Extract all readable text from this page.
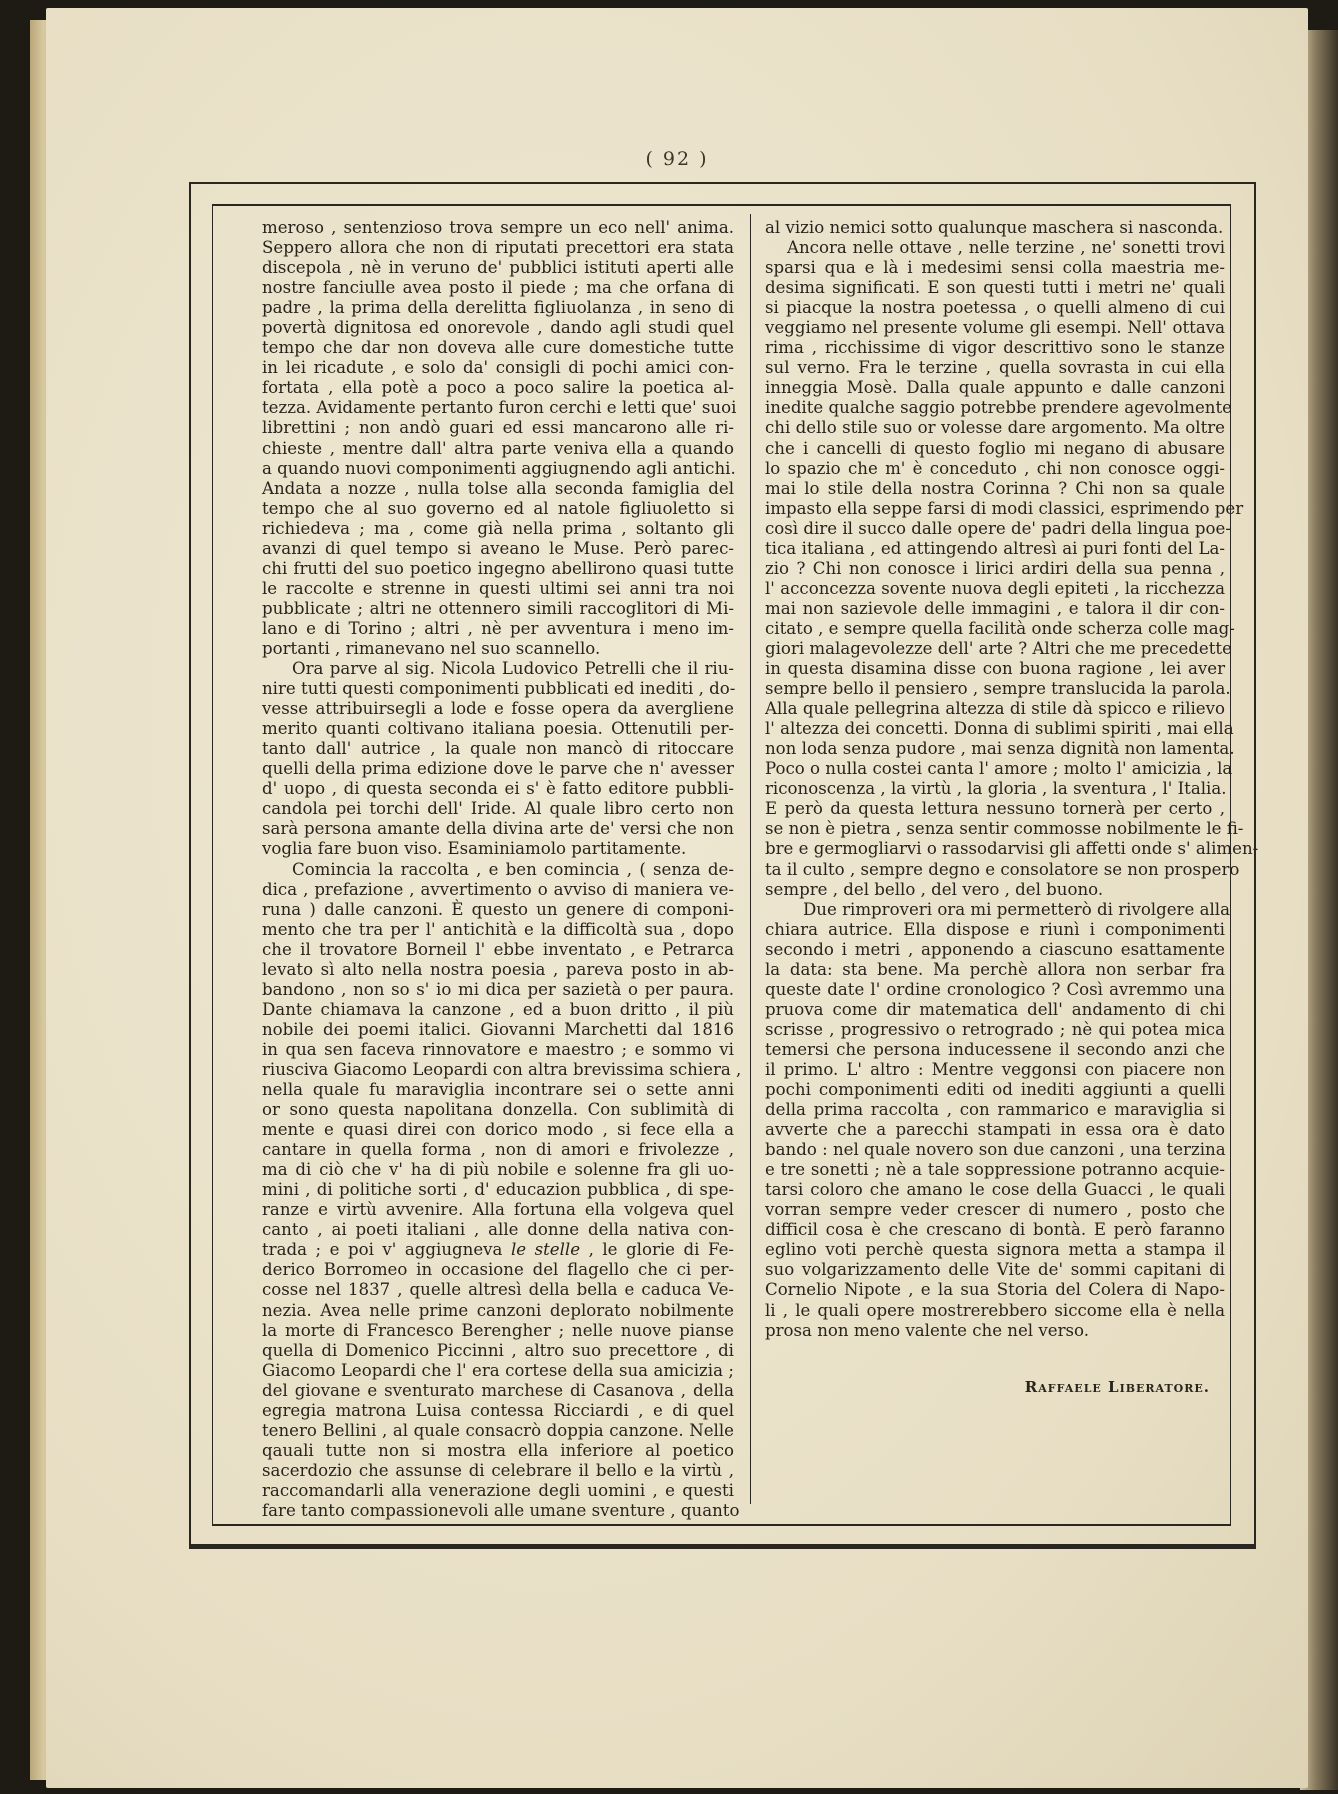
( 92 )
meroso , sentenzioso trova sempre un eco nell' anima.
Seppero allora che non di riputati precettori era stata
discepola , nè in veruno de' pubblici istituti aperti alle
nostre fanciulle avea posto il piede ; ma che orfana di
padre , la prima della derelitta figliuolanza , in seno di
povertà dignitosa ed onorevole , dando agli studi quel
tempo che dar non doveva alle cure domestiche tutte
in lei ricadute , e solo da' consigli di pochi amici con-
fortata , ella potè a poco a poco salire la poetica al-
tezza. Avidamente pertanto furon cerchi e letti que' suoi
librettini ; non andò guari ed essi mancarono alle ri-
chieste , mentre dall' altra parte veniva ella a quando
a quando nuovi componimenti aggiugnendo agli antichi.
Andata a nozze , nulla tolse alla seconda famiglia del
tempo che al suo governo ed al natole figliuoletto si
richiedeva ; ma , come già nella prima , soltanto gli
avanzi di quel tempo si aveano le Muse. Però parec-
chi frutti del suo poetico ingegno abellirono quasi tutte
le raccolte e strenne in questi ultimi sei anni tra noi
pubblicate ; altri ne ottennero simili raccoglitori di Mi-
lano e di Torino ; altri , nè per avventura i meno im-
portanti , rimanevano nel suo scannello.
Ora parve al sig. Nicola Ludovico Petrelli che il riu-
nire tutti questi componimenti pubblicati ed inediti , do-
vesse attribuirsegli a lode e fosse opera da avergliene
merito quanti coltivano italiana poesia. Ottenutili per-
tanto dall' autrice , la quale non mancò di ritoccare
quelli della prima edizione dove le parve che n' avesser
d' uopo , di questa seconda ei s' è fatto editore pubbli-
candola pei torchi dell' Iride. Al quale libro certo non
sarà persona amante della divina arte de' versi che non
voglia fare buon viso. Esaminiamolo partitamente.
Comincia la raccolta , e ben comincia , ( senza de-
dica , prefazione , avvertimento o avviso di maniera ve-
runa ) dalle canzoni. È questo un genere di componi-
mento che tra per l' antichità e la difficoltà sua , dopo
che il trovatore Borneil l' ebbe inventato , e Petrarca
levato sì alto nella nostra poesia , pareva posto in ab-
bandono , non so s' io mi dica per sazietà o per paura.
Dante chiamava la canzone , ed a buon dritto , il più
nobile dei poemi italici. Giovanni Marchetti dal 1816
in qua sen faceva rinnovatore e maestro ; e sommo vi
riusciva Giacomo Leopardi con altra brevissima schiera ,
nella quale fu maraviglia incontrare sei o sette anni
or sono questa napolitana donzella. Con sublimità di
mente e quasi direi con dorico modo , si fece ella a
cantare in quella forma , non di amori e frivolezze ,
ma di ciò che v' ha di più nobile e solenne fra gli uo-
mini , di politiche sorti , d' educazion pubblica , di spe-
ranze e virtù avvenire. Alla fortuna ella volgeva quel
canto , ai poeti italiani , alle donne della nativa con-
trada ; e poi v' aggiugneva le stelle , le glorie di Fe-
derico Borromeo in occasione del flagello che ci per-
cosse nel 1837 , quelle altresì della bella e caduca Ve-
nezia. Avea nelle prime canzoni deplorato nobilmente
la morte di Francesco Berengher ; nelle nuove pianse
quella di Domenico Piccinni , altro suo precettore , di
Giacomo Leopardi che l' era cortese della sua amicizia ;
del giovane e sventurato marchese di Casanova , della
egregia matrona Luisa contessa Ricciardi , e di quel
tenero Bellini , al quale consacrò doppia canzone. Nelle
qauali tutte non si mostra ella inferiore al poetico
sacerdozio che assunse di celebrare il bello e la virtù ,
raccomandarli alla venerazione degli uomini , e questi
fare tanto compassionevoli alle umane sventure , quanto
al vizio nemici sotto qualunque maschera si nasconda.
Ancora nelle ottave , nelle terzine , ne' sonetti trovi
sparsi qua e là i medesimi sensi colla maestria me-
desima significati. E son questi tutti i metri ne' quali
si piacque la nostra poetessa , o quelli almeno di cui
veggiamo nel presente volume gli esempi. Nell' ottava
rima , ricchissime di vigor descrittivo sono le stanze
sul verno. Fra le terzine , quella sovrasta in cui ella
inneggia Mosè. Dalla quale appunto e dalle canzoni
inedite qualche saggio potrebbe prendere agevolmente
chi dello stile suo or volesse dare argomento. Ma oltre
che i cancelli di questo foglio mi negano di abusare
lo spazio che m' è conceduto , chi non conosce oggi-
mai lo stile della nostra Corinna ? Chi non sa quale
impasto ella seppe farsi di modi classici, esprimendo per
così dire il succo dalle opere de' padri della lingua poe-
tica italiana , ed attingendo altresì ai puri fonti del La-
zio ? Chi non conosce i lirici ardiri della sua penna ,
l' acconcezza sovente nuova degli epiteti , la ricchezza
mai non sazievole delle immagini , e talora il dir con-
citato , e sempre quella facilità onde scherza colle mag-
giori malagevolezze dell' arte ? Altri che me precedette
in questa disamina disse con buona ragione , lei aver
sempre bello il pensiero , sempre translucida la parola.
Alla quale pellegrina altezza di stile dà spicco e rilievo
l' altezza dei concetti. Donna di sublimi spiriti , mai ella
non loda senza pudore , mai senza dignità non lamenta.
Poco o nulla costei canta l' amore ; molto l' amicizia , la
riconoscenza , la virtù , la gloria , la sventura , l' Italia.
E però da questa lettura nessuno tornerà per certo ,
se non è pietra , senza sentir commosse nobilmente le fi-
bre e germogliarvi o rassodarvisi gli affetti onde s' alimen-
ta il culto , sempre degno e consolatore se non prospero
sempre , del bello , del vero , del buono.
Due rimproveri ora mi permetterò di rivolgere alla
chiara autrice. Ella dispose e riunì i componimenti
secondo i metri , apponendo a ciascuno esattamente
la data: sta bene. Ma perchè allora non serbar fra
queste date l' ordine cronologico ? Così avremmo una
pruova come dir matematica dell' andamento di chi
scrisse , progressivo o retrogrado ; nè qui potea mica
temersi che persona inducessene il secondo anzi che
il primo. L' altro : Mentre veggonsi con piacere non
pochi componimenti editi od inediti aggiunti a quelli
della prima raccolta , con rammarico e maraviglia si
avverte che a parecchi stampati in essa ora è dato
bando : nel quale novero son due canzoni , una terzina
e tre sonetti ; nè a tale soppressione potranno acquie-
tarsi coloro che amano le cose della Guacci , le quali
vorran sempre veder crescer di numero , posto che
difficil cosa è che crescano di bontà. E però faranno
eglino voti perchè questa signora metta a stampa il
suo volgarizzamento delle Vite de' sommi capitani di
Cornelio Nipote , e la sua Storia del Colera di Napo-
li , le quali opere mostrerebbero siccome ella è nella
prosa non meno valente che nel verso.
Raffaele Liberatore.
